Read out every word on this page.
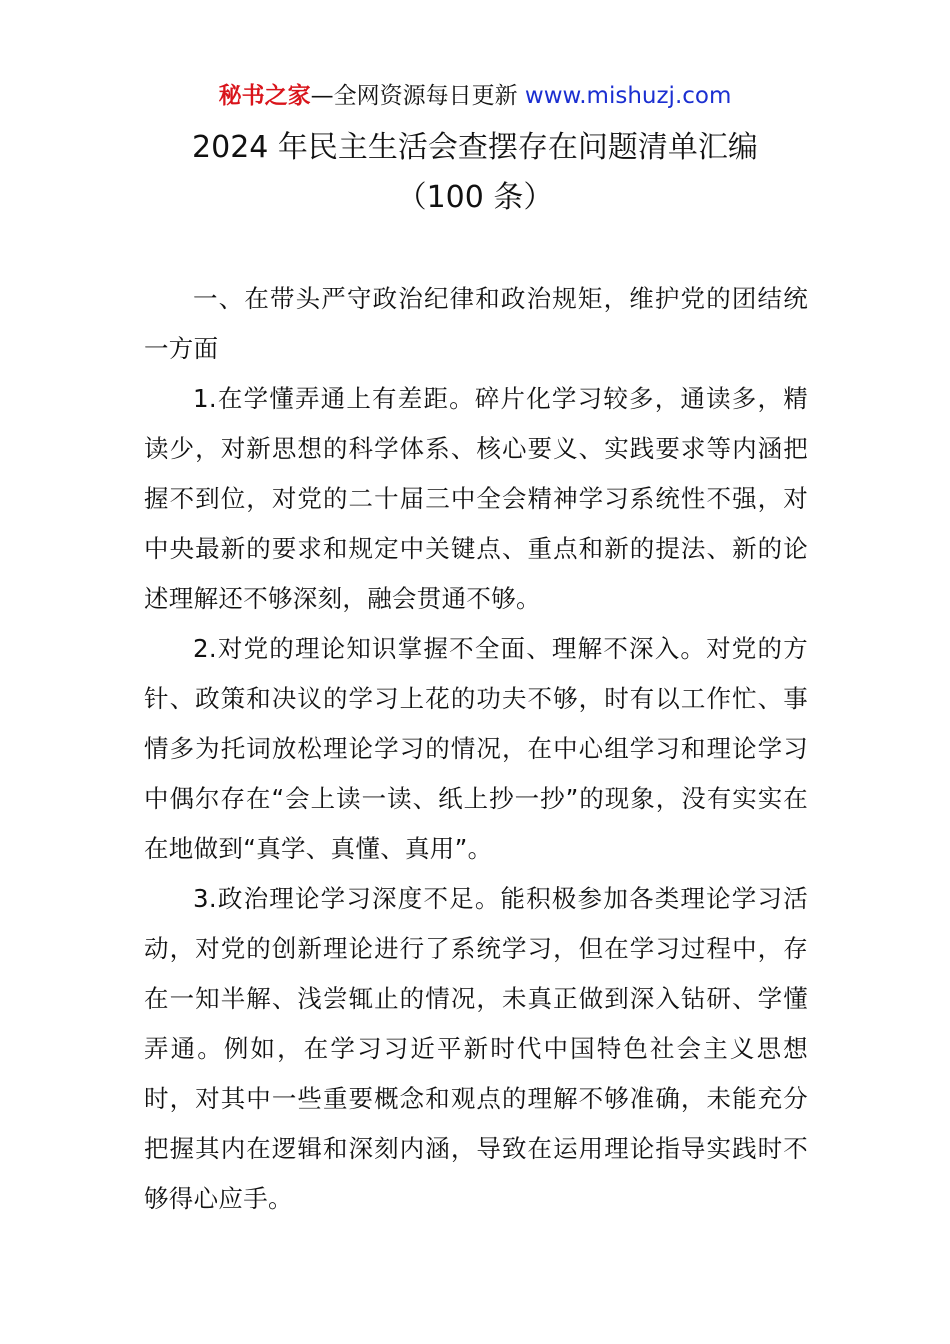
秘书之家—全网资源每日更新 www.mishuzj.com
2024 年民主生活会查摆存在问题清单汇编
（100 条）

一、在带头严守政治纪律和政治规矩，维护党的团结统一方面

1.在学懂弄通上有差距。碎片化学习较多，通读多，精读少，对新思想的科学体系、核心要义、实践要求等内涵把握不到位，对党的二十届三中全会精神学习系统性不强，对中央最新的要求和规定中关键点、重点和新的提法、新的论述理解还不够深刻，融会贯通不够。

2.对党的理论知识掌握不全面、理解不深入。对党的方针、政策和决议的学习上花的功夫不够，时有以工作忙、事情多为托词放松理论学习的情况，在中心组学习和理论学习中偶尔存在“会上读一读、纸上抄一抄”的现象，没有实实在在地做到“真学、真懂、真用”。

3.政治理论学习深度不足。能积极参加各类理论学习活动，对党的创新理论进行了系统学习，但在学习过程中，存在一知半解、浅尝辄止的情况，未真正做到深入钻研、学懂弄通。例如，在学习习近平新时代中国特色社会主义思想时，对其中一些重要概念和观点的理解不够准确，未能充分把握其内在逻辑和深刻内涵，导致在运用理论指导实践时不够得心应手。
